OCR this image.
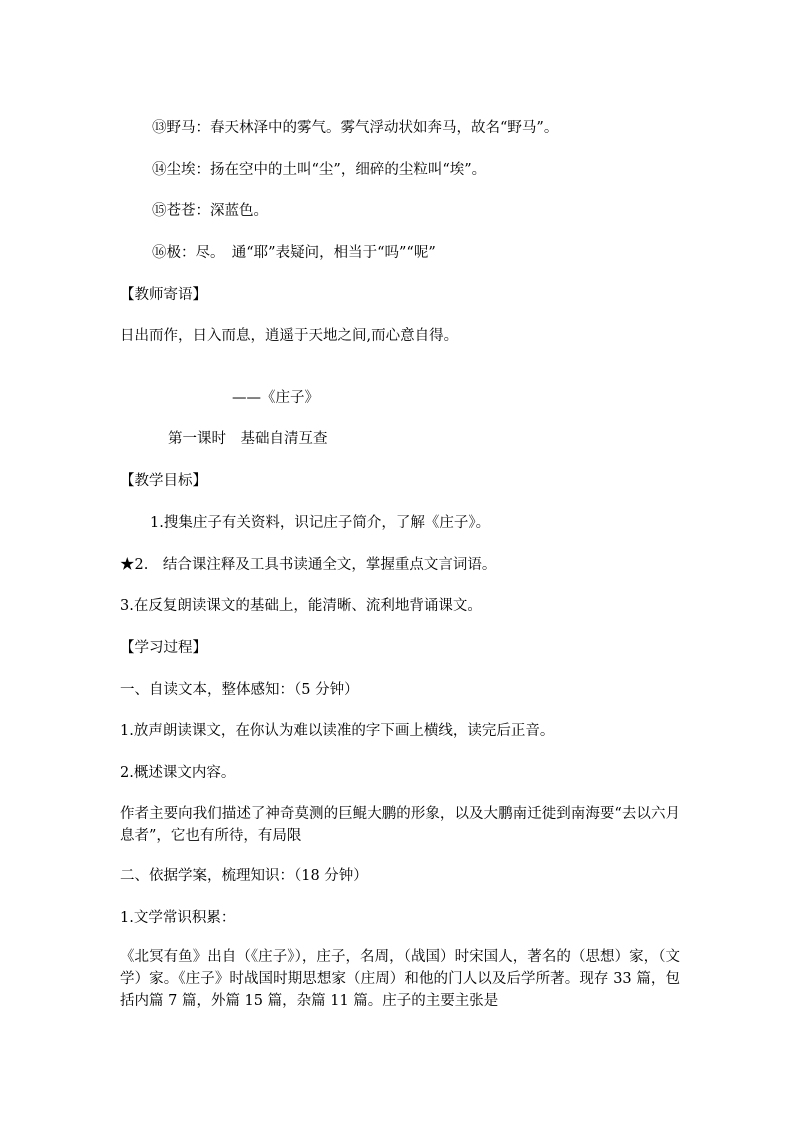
⑬野马：春天林泽中的雾气。雾气浮动状如奔马，故名“野马”。
⑭尘埃：扬在空中的土叫“尘”，细碎的尘粒叫“埃”。
⑮苍苍：深蓝色。
⑯极：尽。　通“耶”表疑问，相当于“吗”“呢”
【教师寄语】
日出而作，日入而息，逍遥于天地之间,而心意自得。
——《庄子》
第一课时　基础自清互查
【教学目标】
1.搜集庄子有关资料，识记庄子简介，了解《庄子》。
★2.　结合课注释及工具书读通全文，掌握重点文言词语。
3.在反复朗读课文的基础上，能清晰、流利地背诵课文。
【学习过程】
一、自读文本，整体感知：（5 分钟）
1.放声朗读课文，在你认为难以读准的字下画上横线，读完后正音。
2.概述课文内容。
作者主要向我们描述了神奇莫测的巨鲲大鹏的形象，以及大鹏南迁徙到南海要“去以六月息者”，它也有所待，有局限
二、依据学案，梳理知识：（18 分钟）
1.文学常识积累：
《北冥有鱼》出自（《庄子》），庄子，名周，（战国）时宋国人，著名的（思想）家，（文学）家。《庄子》时战国时期思想家（庄周）和他的门人以及后学所著。现存 33 篇，包括内篇 7 篇，外篇 15 篇，杂篇 11 篇。庄子的主要主张是
